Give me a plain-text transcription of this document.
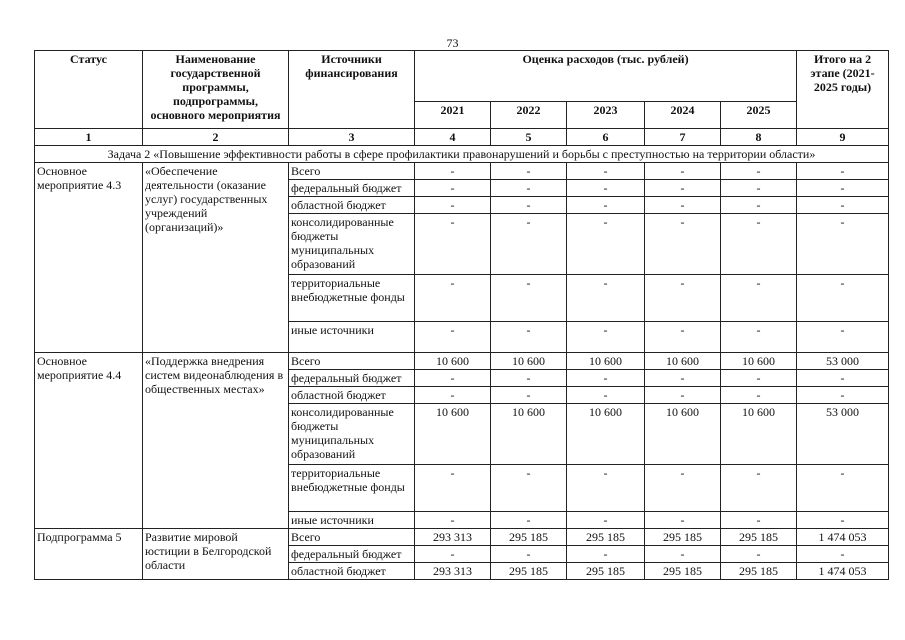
73
Статус	Наименование государственной программы, подпрограммы, основного мероприятия	Источники финансирования	Оценка расходов (тыс. рублей)					Итого на 2 этапе (2021-2025 годы)
			2021	2022	2023	2024	2025	
1	2	3	4	5	6	7	8	9
Задача 2 «Повышение эффективности работы в сфере профилактики правонарушений и борьбы с преступностью на территории области»								
Основное мероприятие 4.3	«Обеспечение деятельности (оказание услуг) государственных учреждений (организаций)»	Всего	-	-	-	-	-	-
		федеральный бюджет	-	-	-	-	-	-
		областной бюджет	-	-	-	-	-	-
		консолидированные бюджеты муниципальных образований	-	-	-	-	-	-
		территориальные внебюджетные фонды	-	-	-	-	-	-
		иные источники	-	-	-	-	-	-
Основное мероприятие 4.4	«Поддержка внедрения систем видеонаблюдения в общественных местах»	Всего	10 600	10 600	10 600	10 600	10 600	53 000
		федеральный бюджет	-	-	-	-	-	-
		областной бюджет	-	-	-	-	-	-
		консолидированные бюджеты муниципальных образований	10 600	10 600	10 600	10 600	10 600	53 000
		территориальные внебюджетные фонды	-	-	-	-	-	-
		иные источники	-	-	-	-	-	-
Подпрограмма 5	Развитие мировой юстиции в Белгородской области	Всего	293 313	295 185	295 185	295 185	295 185	1 474 053
		федеральный бюджет	-	-	-	-	-	-
		областной бюджет	293 313	295 185	295 185	295 185	295 185	1 474 053
